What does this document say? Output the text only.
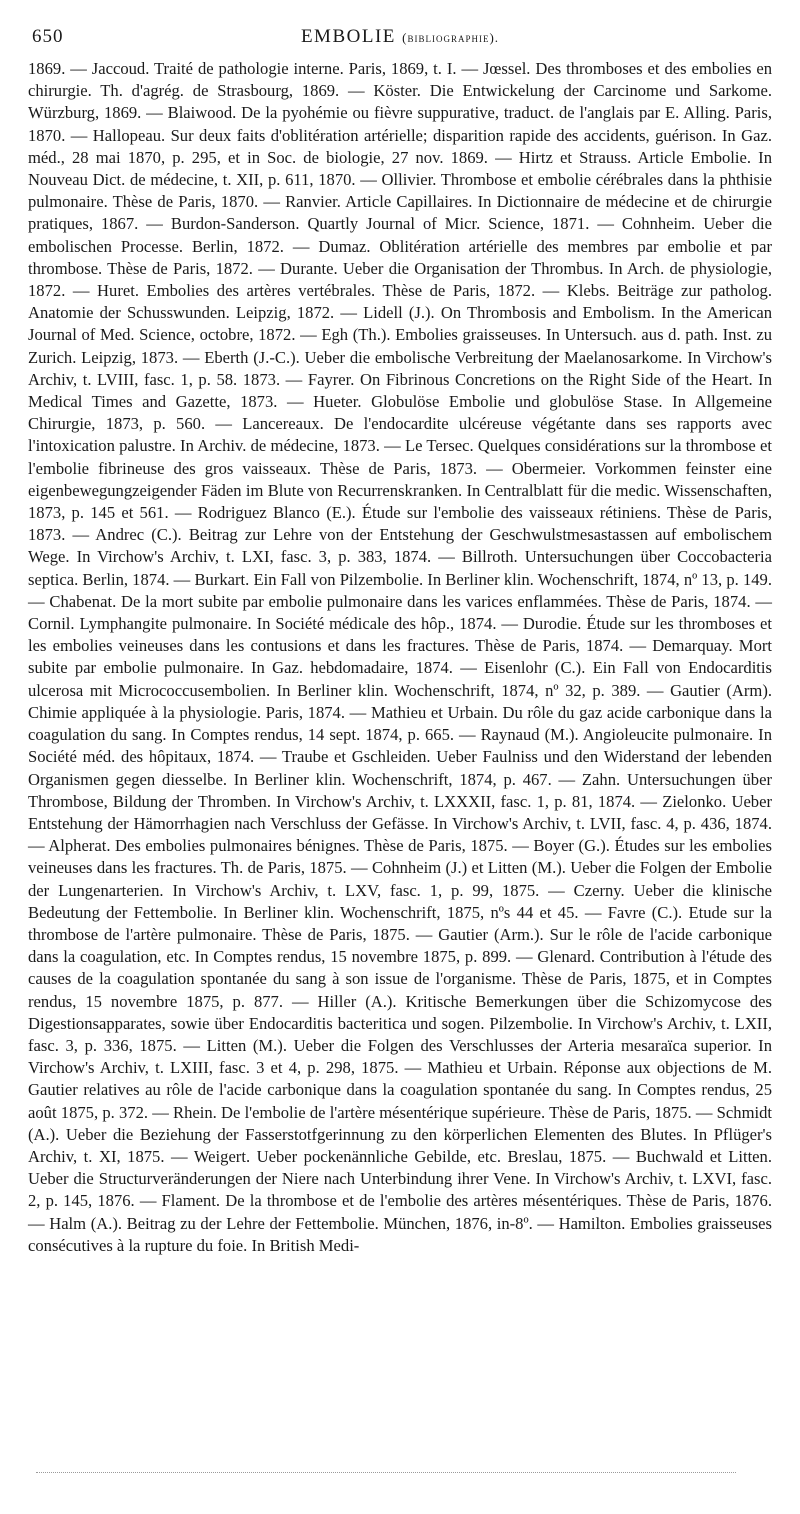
650	EMBOLIE (bibliographie).

1869. — Jaccoud. Traité de pathologie interne. Paris, 1869, t. I. — Jœssel. Des thromboses et des embolies en chirurgie. Th. d'agrég. de Strasbourg, 1869. — Köster. Die Entwickelung der Carcinome und Sarkome. Würzburg, 1869. — Blaiwood. De la pyohémie ou fièvre suppurative, traduct. de l'anglais par E. Alling. Paris, 1870. — Hallopeau. Sur deux faits d'oblitération artérielle; disparition rapide des accidents, guérison. In Gaz. méd., 28 mai 1870, p. 295, et in Soc. de biologie, 27 nov. 1869. — Hirtz et Strauss. Article Embolie. In Nouveau Dict. de médecine, t. XII, p. 611, 1870. — Ollivier. Thrombose et embolie cérébrales dans la phthisie pulmonaire. Thèse de Paris, 1870. — Ranvier. Article Capillaires. In Dictionnaire de médecine et de chirurgie pratiques, 1867. — Burdon-Sanderson. Quartly Journal of Micr. Science, 1871. — Cohnheim. Ueber die embolischen Processe. Berlin, 1872. — Dumaz. Oblitération artérielle des membres par embolie et par thrombose. Thèse de Paris, 1872. — Durante. Ueber die Organisation der Thrombus. In Arch. de physiologie, 1872. — Huret. Embolies des artères vertébrales. Thèse de Paris, 1872. — Klebs. Beiträge zur patholog. Anatomie der Schusswunden. Leipzig, 1872. — Lidell (J.). On Thrombosis and Embolism. In the American Journal of Med. Science, octobre, 1872. — Egh (Th.). Embolies graisseuses. In Untersuch. aus d. path. Inst. zu Zurich. Leipzig, 1873. — Eberth (J.-C.). Ueber die embolische Verbreitung der Maelanosarkome. In Virchow's Archiv, t. LVIII, fasc. 1, p. 58. 1873. — Fayrer. On Fibrinous Concretions on the Right Side of the Heart. In Medical Times and Gazette, 1873. — Hueter. Globulöse Embolie und globulöse Stase. In Allgemeine Chirurgie, 1873, p. 560. — Lancereaux. De l'endocardite ulcéreuse végétante dans ses rapports avec l'intoxication palustre. In Archiv. de médecine, 1873. — Le Tersec. Quelques considérations sur la thrombose et l'embolie fibrineuse des gros vaisseaux. Thèse de Paris, 1873. — Obermeier. Vorkommen feinster eine eigenbewegungzeigender Fäden im Blute von Recurrenskranken. In Centralblatt für die medic. Wissenschaften, 1873, p. 145 et 561. — Rodriguez Blanco (E.). Étude sur l'embolie des vaisseaux rétiniens. Thèse de Paris, 1873. — Andrec (C.). Beitrag zur Lehre von der Entstehung der Geschwulstmesastassen auf embolischem Wege. In Virchow's Archiv, t. LXI, fasc. 3, p. 383, 1874. — Billroth. Untersuchungen über Coccobacteria septica. Berlin, 1874. — Burkart. Ein Fall von Pilzembolie. In Berliner klin. Wochenschrift, 1874, nº 13, p. 149. — Chabenat. De la mort subite par embolie pulmonaire dans les varices enflammées. Thèse de Paris, 1874. — Cornil. Lymphangite pulmonaire. In Société médicale des hôp., 1874. — Durodie. Étude sur les thromboses et les embolies veineuses dans les contusions et dans les fractures. Thèse de Paris, 1874. — Demarquay. Mort subite par embolie pulmonaire. In Gaz. hebdomadaire, 1874. — Eisenlohr (C.). Ein Fall von Endocarditis ulcerosa mit Micrococcusembolien. In Berliner klin. Wochenschrift, 1874, nº 32, p. 389. — Gautier (Arm). Chimie appliquée à la physiologie. Paris, 1874. — Mathieu et Urbain. Du rôle du gaz acide carbonique dans la coagulation du sang. In Comptes rendus, 14 sept. 1874, p. 665. — Raynaud (M.). Angioleucite pulmonaire. In Société méd. des hôpitaux, 1874. — Traube et Gschleiden. Ueber Faulniss und den Widerstand der lebenden Organismen gegen diesselbe. In Berliner klin. Wochenschrift, 1874, p. 467. — Zahn. Untersuchungen über Thrombose, Bildung der Thromben. In Virchow's Archiv, t. LXXXII, fasc. 1, p. 81, 1874. — Zielonko. Ueber Entstehung der Hämorrhagien nach Verschluss der Gefässe. In Virchow's Archiv, t. LVII, fasc. 4, p. 436, 1874. — Alpherat. Des embolies pulmonaires bénignes. Thèse de Paris, 1875. — Boyer (G.). Études sur les embolies veineuses dans les fractures. Th. de Paris, 1875. — Cohnheim (J.) et Litten (M.). Ueber die Folgen der Embolie der Lungenarterien. In Virchow's Archiv, t. LXV, fasc. 1, p. 99, 1875. — Czerny. Ueber die klinische Bedeutung der Fettembolie. In Berliner klin. Wochenschrift, 1875, nºs 44 et 45. — Favre (C.). Etude sur la thrombose de l'artère pulmonaire. Thèse de Paris, 1875. — Gautier (Arm.). Sur le rôle de l'acide carbonique dans la coagulation, etc. In Comptes rendus, 15 novembre 1875, p. 899. — Glenard. Contribution à l'étude des causes de la coagulation spontanée du sang à son issue de l'organisme. Thèse de Paris, 1875, et in Comptes rendus, 15 novembre 1875, p. 877. — Hiller (A.). Kritische Bemerkungen über die Schizomycose des Digestionsapparates, sowie über Endocarditis bacteritica und sogen. Pilzembolie. In Virchow's Archiv, t. LXII, fasc. 3, p. 336, 1875. — Litten (M.). Ueber die Folgen des Verschlusses der Arteria mesaraïca superior. In Virchow's Archiv, t. LXIII, fasc. 3 et 4, p. 298, 1875. — Mathieu et Urbain. Réponse aux objections de M. Gautier relatives au rôle de l'acide carbonique dans la coagulation spontanée du sang. In Comptes rendus, 25 août 1875, p. 372. — Rhein. De l'embolie de l'artère mésentérique supérieure. Thèse de Paris, 1875. — Schmidt (A.). Ueber die Beziehung der Fasserstotfgerinnung zu den körperlichen Elementen des Blutes. In Pflüger's Archiv, t. XI, 1875. — Weigert. Ueber pockenännliche Gebilde, etc. Breslau, 1875. — Buchwald et Litten. Ueber die Structurveränderungen der Niere nach Unterbindung ihrer Vene. In Virchow's Archiv, t. LXVI, fasc. 2, p. 145, 1876. — Flament. De la thrombose et de l'embolie des artères mésentériques. Thèse de Paris, 1876. — Halm (A.). Beitrag zu der Lehre der Fettembolie. München, 1876, in-8º. — Hamilton. Embolies graisseuses consécutives à la rupture du foie. In British Medi-
